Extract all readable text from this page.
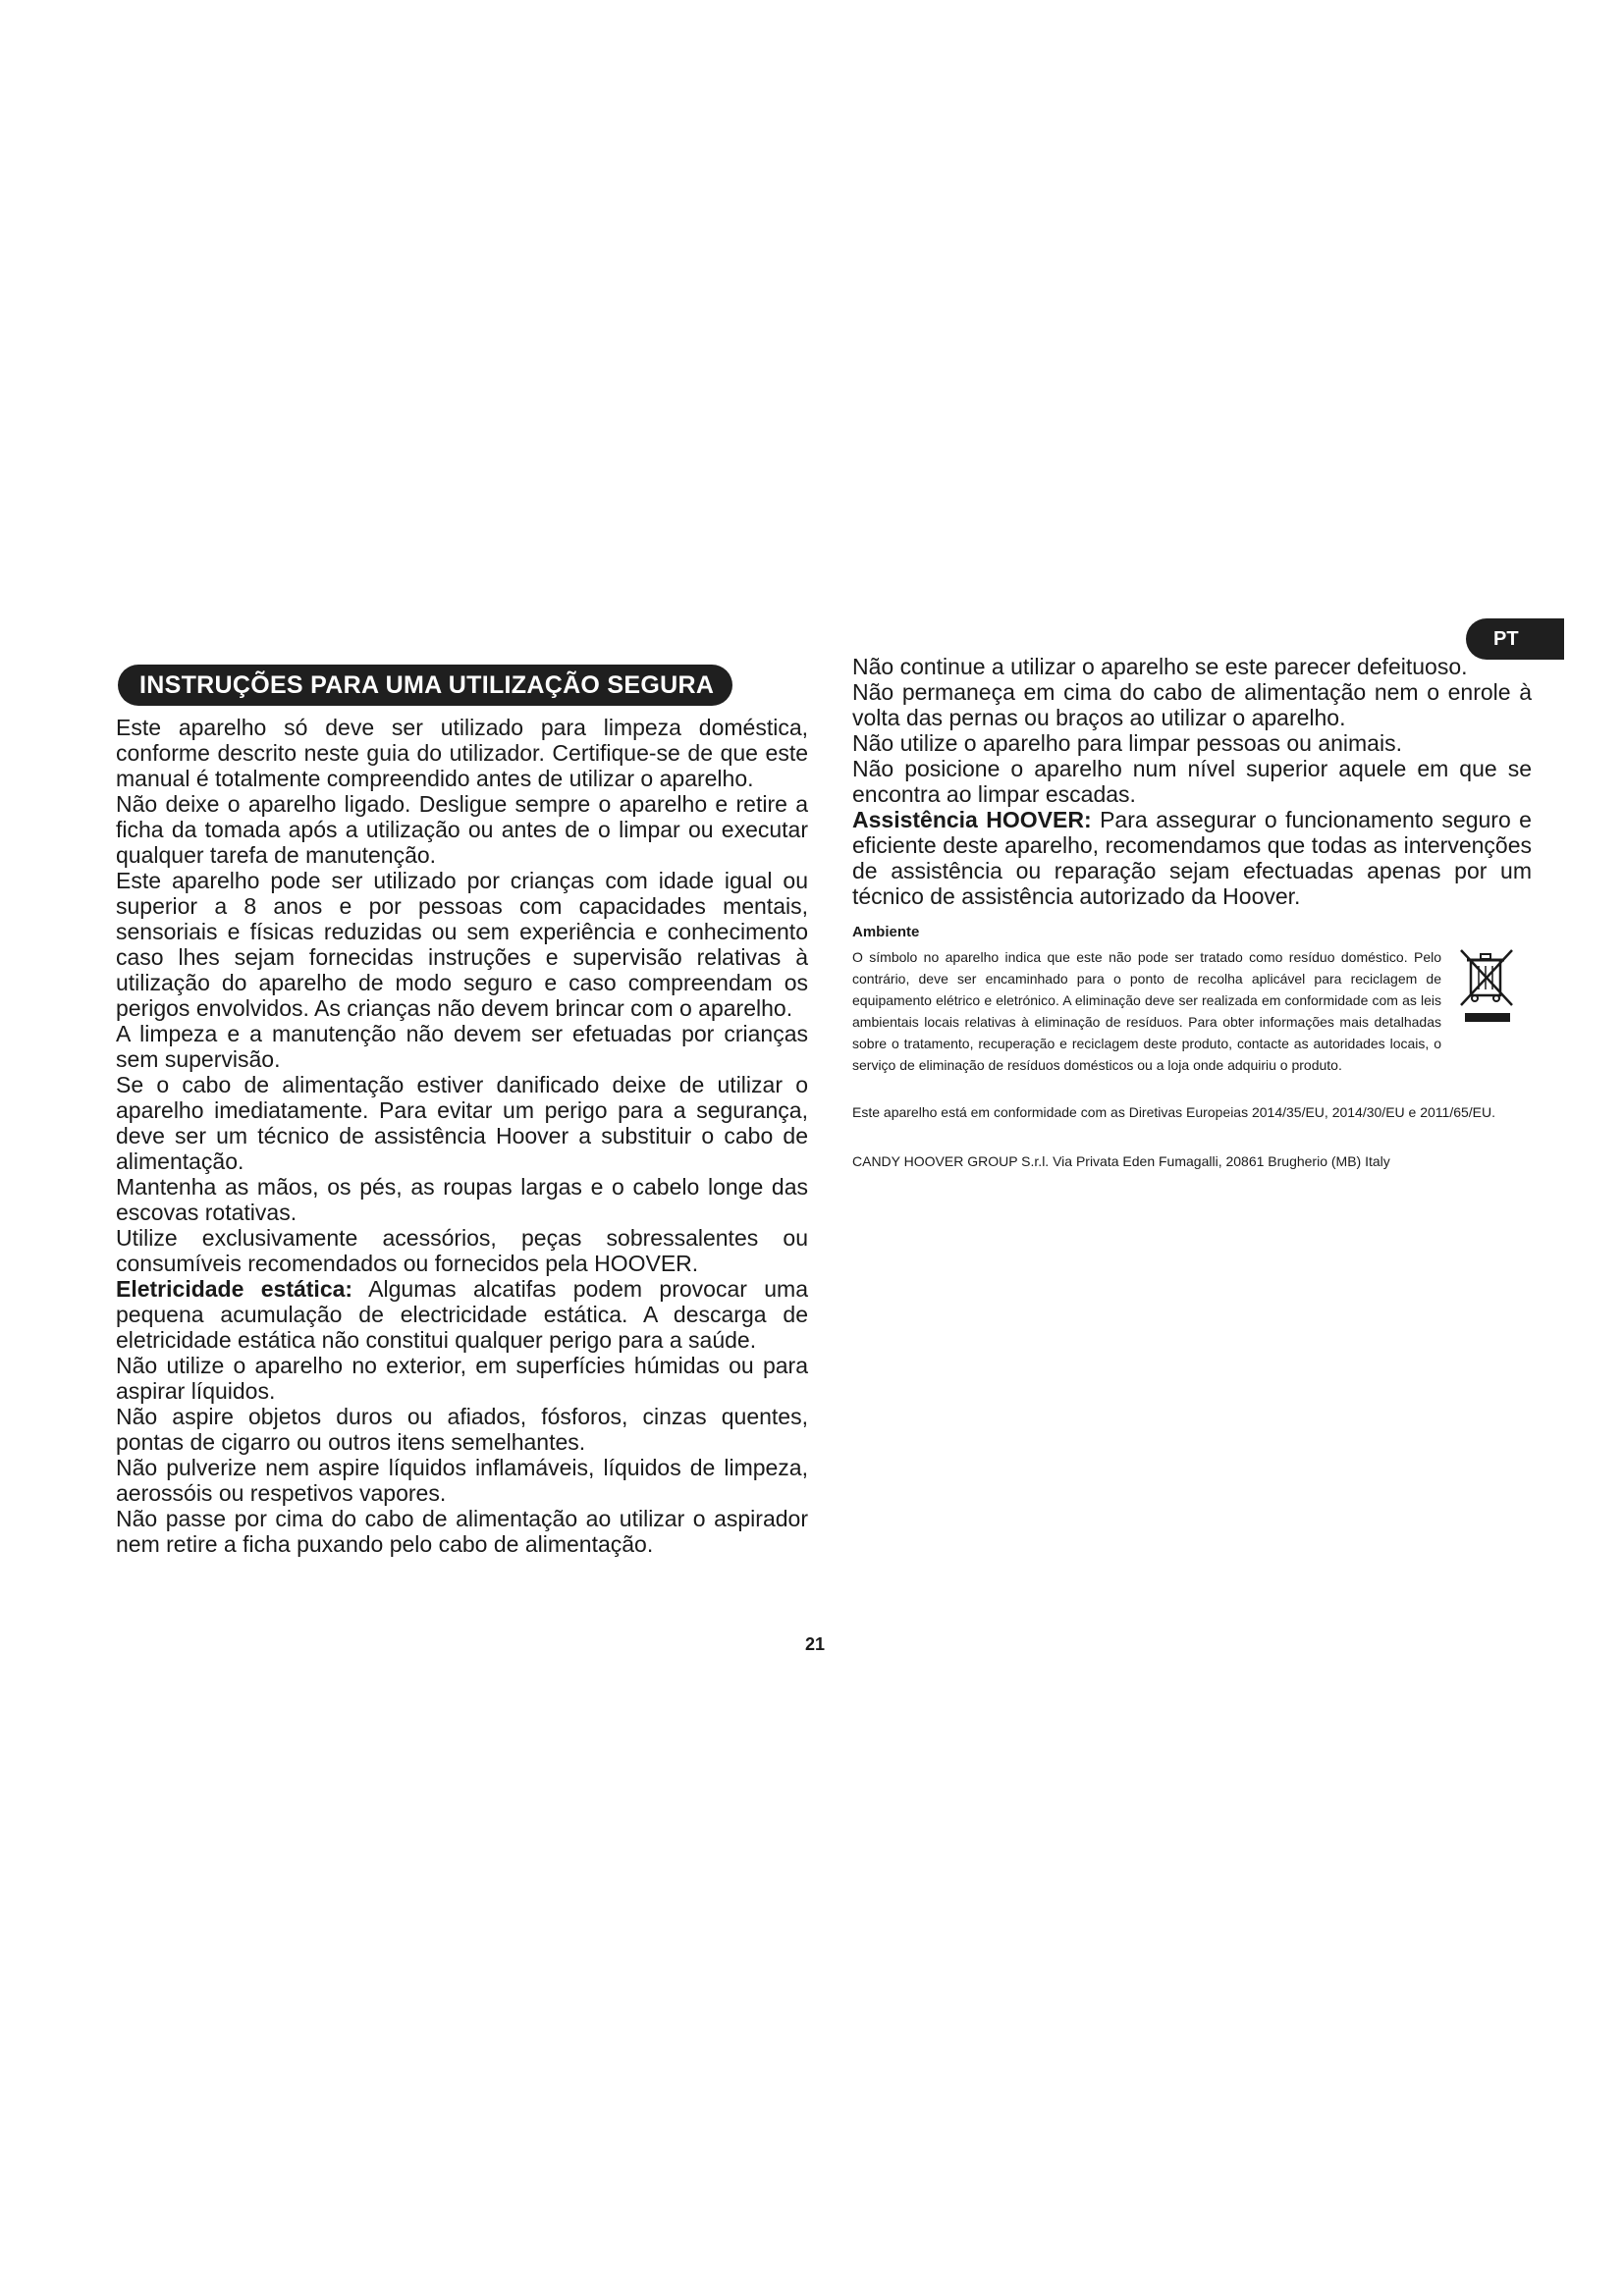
PT
INSTRUÇÕES PARA UMA UTILIZAÇÃO SEGURA

Este aparelho só deve ser utilizado para limpeza doméstica, conforme descrito neste guia do utilizador. Certifique-se de que este manual é totalmente compreendido antes de utilizar o aparelho.

Não deixe o aparelho ligado. Desligue sempre o aparelho e retire a ficha da tomada após a utilização ou antes de o limpar ou executar qualquer tarefa de manutenção.

Este aparelho pode ser utilizado por crianças com idade igual ou superior a 8 anos e por pessoas com capacidades mentais, sensoriais e físicas reduzidas ou sem experiência e conhecimento caso lhes sejam fornecidas instruções e supervisão relativas à utilização do aparelho de modo seguro e caso compreendam os perigos envolvidos. As crianças não devem brincar com o aparelho.

A limpeza e a manutenção não devem ser efetuadas por crianças sem supervisão.

Se o cabo de alimentação estiver danificado deixe de utilizar o aparelho imediatamente. Para evitar um perigo para a segurança, deve ser um técnico de assistência Hoover a substituir o cabo de alimentação.

Mantenha as mãos, os pés, as roupas largas e o cabelo longe das escovas rotativas.

Utilize exclusivamente acessórios, peças sobressalentes ou consumíveis recomendados ou fornecidos pela HOOVER.

Eletricidade estática: Algumas alcatifas podem provocar uma pequena acumulação de electricidade estática. A descarga de eletricidade estática não constitui qualquer perigo para a saúde.

Não utilize o aparelho no exterior, em superfícies húmidas ou para aspirar líquidos.

Não aspire objetos duros ou afiados, fósforos, cinzas quentes, pontas de cigarro ou outros itens semelhantes.

Não pulverize nem aspire líquidos inflamáveis, líquidos de limpeza, aerossóis ou respetivos vapores.

Não passe por cima do cabo de alimentação ao utilizar o aspirador nem retire a ficha puxando pelo cabo de alimentação.

Não continue a utilizar o aparelho se este parecer defeituoso.

Não permaneça em cima do cabo de alimentação nem o enrole à volta das pernas ou braços ao utilizar o aparelho.

Não utilize o aparelho para limpar pessoas ou animais.

Não posicione o aparelho num nível superior aquele em que se encontra ao limpar escadas.

Assistência HOOVER: Para assegurar o funcionamento seguro e eficiente deste aparelho, recomendamos que todas as intervenções de assistência ou reparação sejam efectuadas apenas por um técnico de assistência autorizado da Hoover.

Ambiente

O símbolo no aparelho indica que este não pode ser tratado como resíduo doméstico. Pelo contrário, deve ser encaminhado para o ponto de recolha aplicável para reciclagem de equipamento elétrico e eletrónico. A eliminação deve ser realizada em conformidade com as leis ambientais locais relativas à eliminação de resíduos. Para obter informações mais detalhadas sobre o tratamento, recuperação e reciclagem deste produto, contacte as autoridades locais, o serviço de eliminação de resíduos domésticos ou a loja onde adquiriu o produto.

Este aparelho está em conformidade com as Diretivas Europeias 2014/35/EU, 2014/30/EU e 2011/65/EU.

CANDY HOOVER GROUP S.r.l. Via Privata Eden Fumagalli, 20861 Brugherio (MB) Italy

21
